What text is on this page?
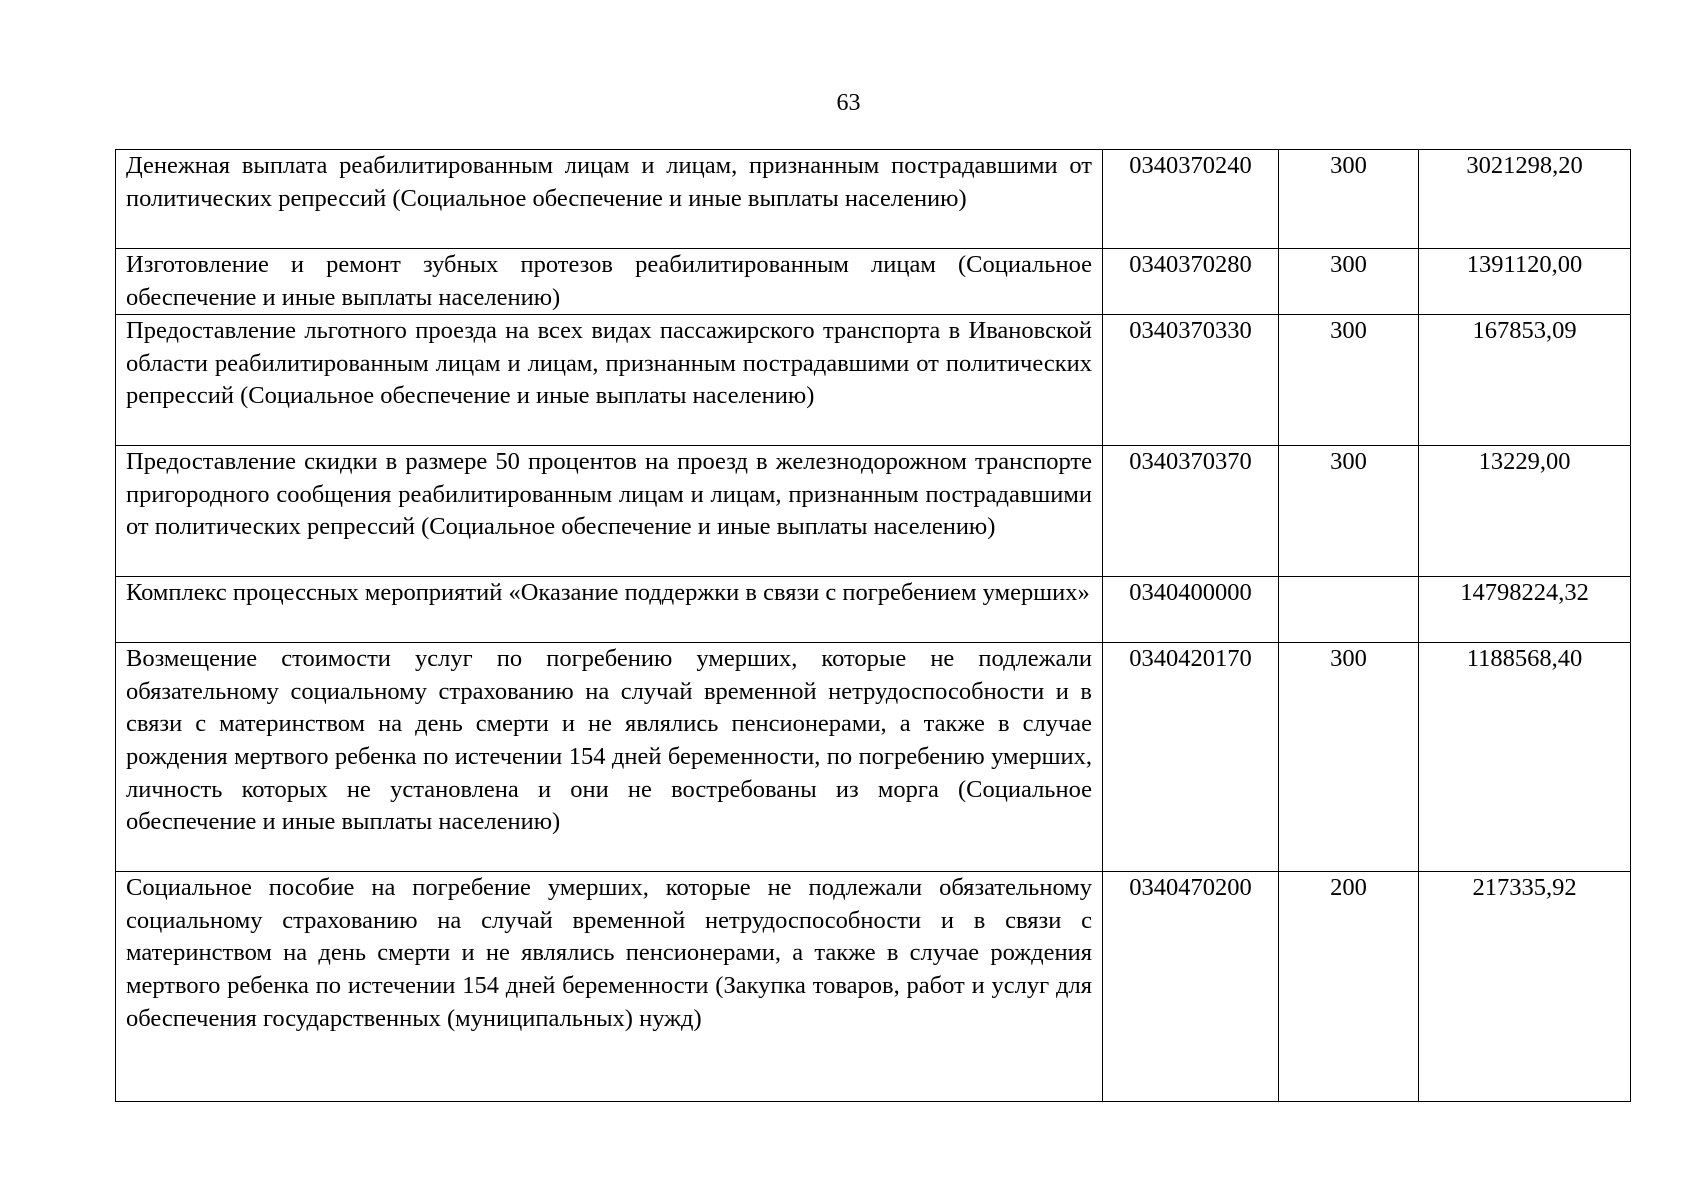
63
Денежная выплата реабилитированным лицам и лицам, признанным пострадавшими от политических репрессий (Социальное обеспечение и иные выплаты населению)	0340370240	300	3021298,20
Изготовление и ремонт зубных протезов реабилитированным лицам (Социальное обеспечение и иные выплаты населению)	0340370280	300	1391120,00
Предоставление льготного проезда на всех видах пассажирского транспорта в Ивановской области реабилитированным лицам и лицам, признанным пострадавшими от политических репрессий (Социальное обеспечение и иные выплаты населению)	0340370330	300	167853,09
Предоставление скидки в размере 50 процентов на проезд в железнодорожном транспорте пригородного сообщения реабилитированным лицам и лицам, признанным пострадавшими от политических репрессий (Социальное обеспечение и иные выплаты населению)	0340370370	300	13229,00
Комплекс процессных мероприятий «Оказание поддержки в связи с погребением умерших»	0340400000		14798224,32
Возмещение стоимости услуг по погребению умерших, которые не подлежали обязательному социальному страхованию на случай временной нетрудоспособности и в связи с материнством на день смерти и не являлись пенсионерами, а также в случае рождения мертвого ребенка по истечении 154 дней беременности, по погребению умерших, личность которых не установлена и они не востребованы из морга (Социальное обеспечение и иные выплаты населению)	0340420170	300	1188568,40
Социальное пособие на погребение умерших, которые не подлежали обязательному социальному страхованию на случай временной нетрудоспособности и в связи с материнством на день смерти и не являлись пенсионерами, а также в случае рождения мертвого ребенка по истечении 154 дней беременности (Закупка товаров, работ и услуг для обеспечения государственных (муниципальных) нужд)	0340470200	200	217335,92
